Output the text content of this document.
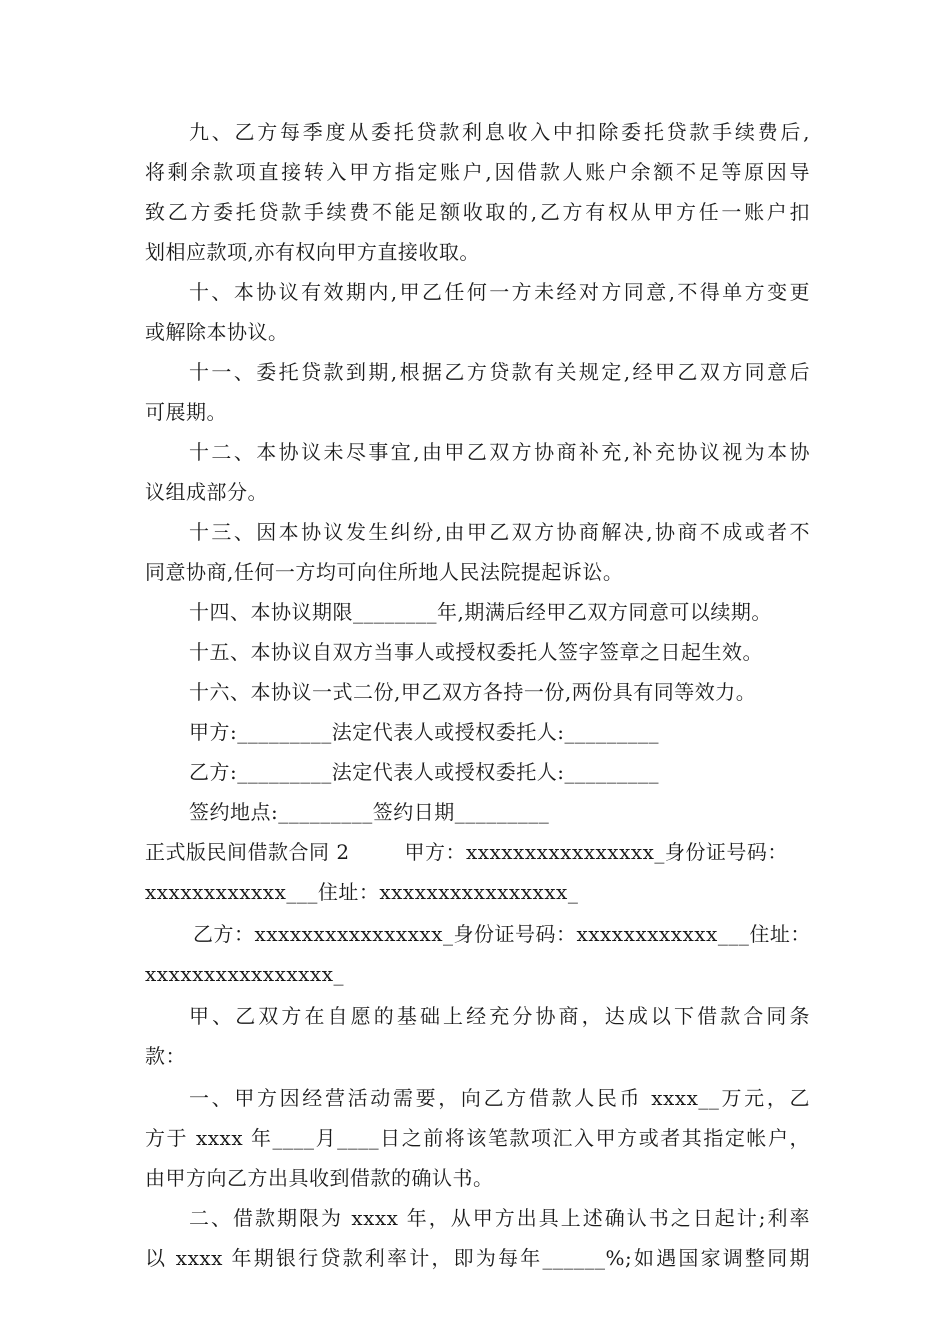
九、乙方每季度从委托贷款利息收入中扣除委托贷款手续费后,
将剩余款项直接转入甲方指定账户,因借款人账户余额不足等原因导
致乙方委托贷款手续费不能足额收取的,乙方有权从甲方任一账户扣
划相应款项,亦有权向甲方直接收取。
十、本协议有效期内,甲乙任何一方未经对方同意,不得单方变更
或解除本协议。
十一、委托贷款到期,根据乙方贷款有关规定,经甲乙双方同意后
可展期。
十二、本协议未尽事宜,由甲乙双方协商补充,补充协议视为本协
议组成部分。
十三、因本协议发生纠纷,由甲乙双方协商解决,协商不成或者不
同意协商,任何一方均可向住所地人民法院提起诉讼。
十四、本协议期限________年,期满后经甲乙双方同意可以续期。
十五、本协议自双方当事人或授权委托人签字签章之日起生效。
十六、本协议一式二份,甲乙双方各持一份,两份具有同等效力。
甲方:_________法定代表人或授权委托人:_________
乙方:_________法定代表人或授权委托人:_________
签约地点:_________签约日期_________
正式版民间借款合同 2        甲方：xxxxxxxxxxxxxxxx_身份证号码：
xxxxxxxxxxxx___住址：xxxxxxxxxxxxxxxx_
乙方：xxxxxxxxxxxxxxxx_身份证号码：xxxxxxxxxxxx___住址：
xxxxxxxxxxxxxxxx_
甲、乙双方在自愿的基础上经充分协商，达成以下借款合同条
款：
一、甲方因经营活动需要，向乙方借款人民币 xxxx__万元，乙
方于 xxxx 年____月____日之前将该笔款项汇入甲方或者其指定帐户，
由甲方向乙方出具收到借款的确认书。
二、借款期限为 xxxx 年，从甲方出具上述确认书之日起计;利率
以 xxxx 年期银行贷款利率计，即为每年______%;如遇国家调整同期
